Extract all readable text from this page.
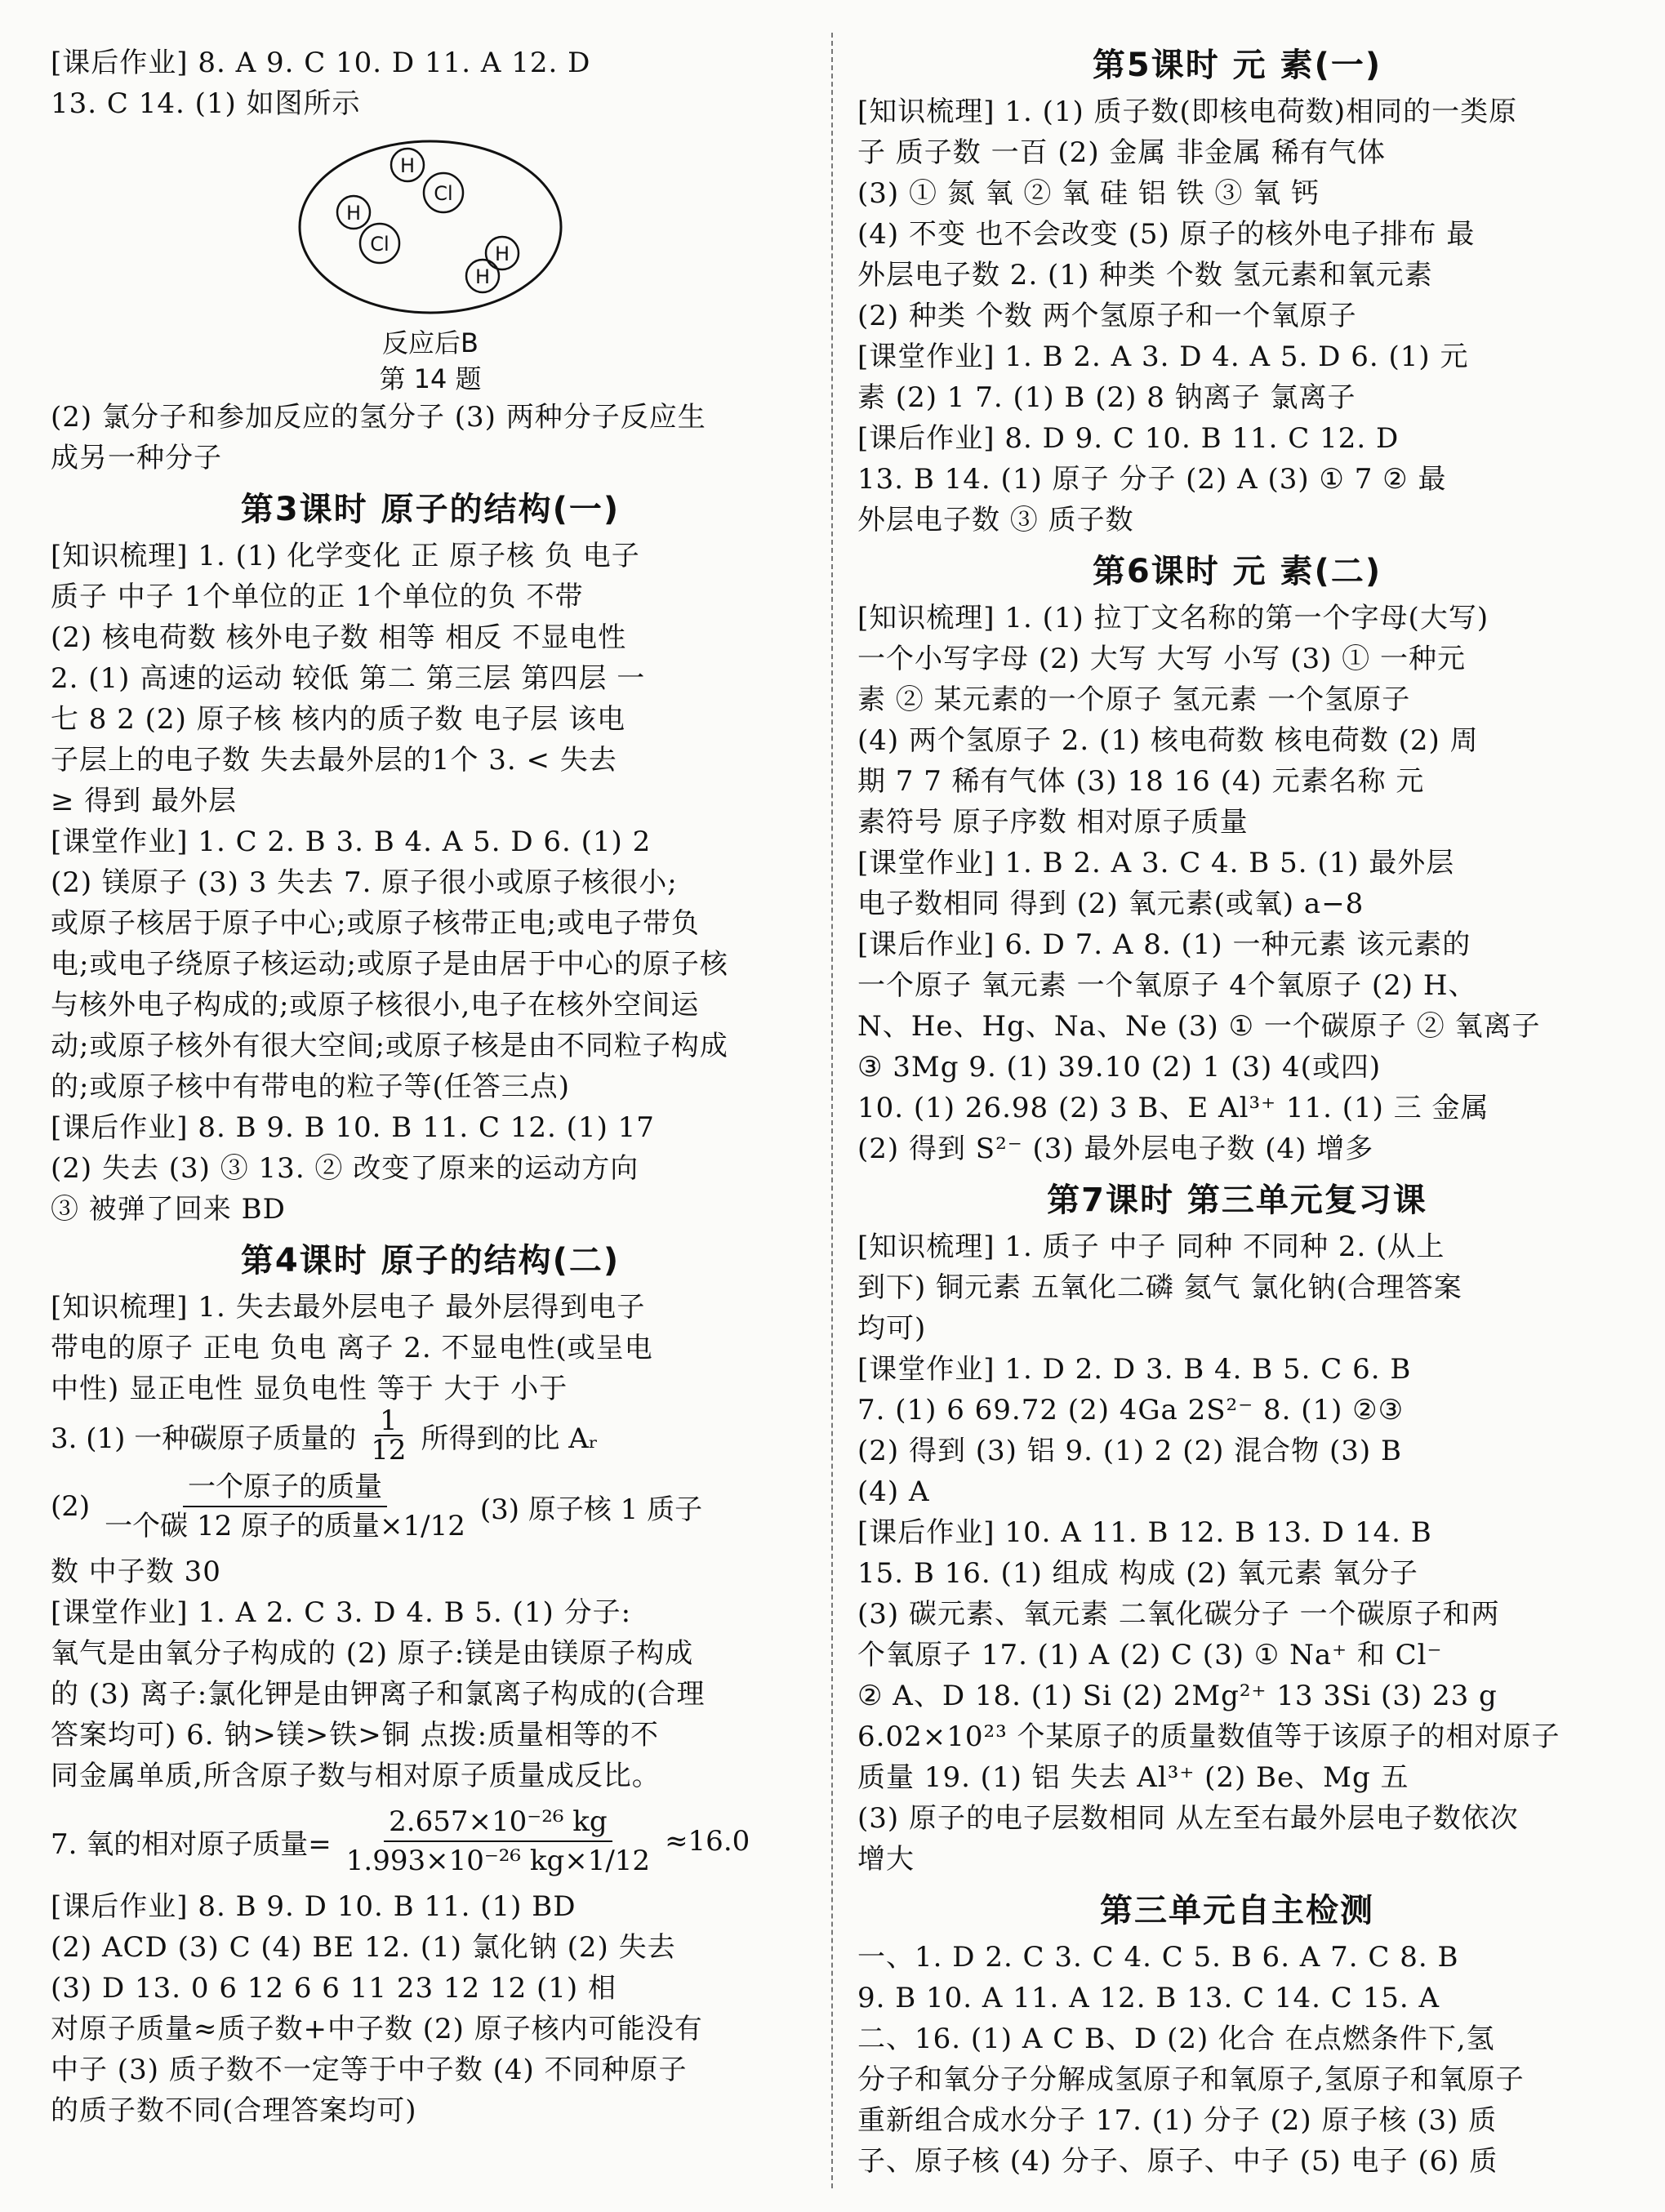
[课后作业] 8. A 9. C 10. D 11. A 12. D

13. C 14. (1) 如图所示

H
Cl
H
Cl	H
H

反应后B

第 14 题

(2) 氯分子和参加反应的氢分子 (3) 两种分子反应生

成另一种分子

第3课时 原子的结构(一)

[知识梳理] 1. (1) 化学变化 正 原子核 负 电子

质子 中子 1个单位的正 1个单位的负 不带

(2) 核电荷数 核外电子数 相等 相反 不显电性

2. (1) 高速的运动 较低 第二 第三层 第四层 一

七 8 2 (2) 原子核 核内的质子数 电子层 该电

子层上的电子数 失去最外层的1个 3. < 失去

≥ 得到 最外层

[课堂作业] 1. C 2. B 3. B 4. A 5. D 6. (1) 2

(2) 镁原子 (3) 3 失去 7. 原子很小或原子核很小;

或原子核居于原子中心;或原子核带正电;或电子带负

电;或电子绕原子核运动;或原子是由居于中心的原子核

与核外电子构成的;或原子核很小,电子在核外空间运

动;或原子核外有很大空间;或原子核是由不同粒子构成

的;或原子核中有带电的粒子等(任答三点)

[课后作业] 8. B 9. B 10. B 11. C 12. (1) 17

(2) 失去 (3) ③ 13. ② 改变了原来的运动方向

③ 被弹了回来 BD

第4课时 原子的结构(二)

[知识梳理] 1. 失去最外层电子 最外层得到电子

带电的原子 正电 负电 离子 2. 不显电性(或呈电

中性) 显正电性 显负电性 等于 大于 小于

3. (1) 一种碳原子质量的 $\frac{1}{12}$ 所得到的比 Aᵣ
$(2) \frac{\text{一个原子的质量}}{\text{一个碳 12 原子的质量×1/12}} (3)$ 原子核 1 质子

数 中子数 30

[课堂作业] 1. A 2. C 3. D 4. B 5. (1) 分子:

氧气是由氧分子构成的 (2) 原子:镁是由镁原子构成

的 (3) 离子:氯化钾是由钾离子和氯离子构成的(合理

答案均可) 6. 钠>镁>铁>铜 点拨:质量相等的不

同金属单质,所含原子数与相对原子质量成反比。

7. 氧的相对原子质量= $\frac{\text{2.657×10⁻²⁶ kg}}{\text{1.993×10⁻²⁶ kg×1/12}} \approx 16.0$

[课后作业] 8. B 9. D 10. B 11. (1) BD

(2) ACD (3) C (4) BE 12. (1) 氯化钠 (2) 失去

(3) D 13. 0 6 12 6 6 11 23 12 12 (1) 相

对原子质量≈质子数+中子数 (2) 原子核内可能没有

中子 (3) 质子数不一定等于中子数 (4) 不同种原子

的质子数不同(合理答案均可)

第5课时 元 素(一)

[知识梳理] 1. (1) 质子数(即核电荷数)相同的一类原

子 质子数 一百 (2) 金属 非金属 稀有气体

(3) ① 氮 氧 ② 氧 硅 铝 铁 ③ 氧 钙

(4) 不变 也不会改变 (5) 原子的核外电子排布 最

外层电子数 2. (1) 种类 个数 氢元素和氧元素

(2) 种类 个数 两个氢原子和一个氧原子

[课堂作业] 1. B 2. A 3. D 4. A 5. D 6. (1) 元

素 (2) 1 7. (1) B (2) 8 钠离子 氯离子

[课后作业] 8. D 9. C 10. B 11. C 12. D

13. B 14. (1) 原子 分子 (2) A (3) ① 7 ② 最

外层电子数 ③ 质子数

第6课时 元 素(二)

[知识梳理] 1. (1) 拉丁文名称的第一个字母(大写)

一个小写字母 (2) 大写 大写 小写 (3) ① 一种元

素 ② 某元素的一个原子 氢元素 一个氢原子

(4) 两个氢原子 2. (1) 核电荷数 核电荷数 (2) 周

期 7 7 稀有气体 (3) 18 16 (4) 元素名称 元

素符号 原子序数 相对原子质量

[课堂作业] 1. B 2. A 3. C 4. B 5. (1) 最外层

电子数相同 得到 (2) 氧元素(或氧) a−8

[课后作业] 6. D 7. A 8. (1) 一种元素 该元素的

一个原子 氧元素 一个氧原子 4个氧原子 (2) H、

N、He、Hg、Na、Ne (3) ① 一个碳原子 ② 氧离子

③ 3Mg 9. (1) 39.10 (2) 1 (3) 4(或四)

10. (1) 26.98 (2) 3 B、E Al³⁺ 11. (1) 三 金属

(2) 得到 S²⁻ (3) 最外层电子数 (4) 增多

第7课时 第三单元复习课

[知识梳理] 1. 质子 中子 同种 不同种 2. (从上

到下) 铜元素 五氧化二磷 氦气 氯化钠(合理答案

均可)

[课堂作业] 1. D 2. D 3. B 4. B 5. C 6. B

7. (1) 6 69.72 (2) 4Ga 2S²⁻ 8. (1) ②③

(2) 得到 (3) 铝 9. (1) 2 (2) 混合物 (3) B

(4) A

[课后作业] 10. A 11. B 12. B 13. D 14. B

15. B 16. (1) 组成 构成 (2) 氧元素 氧分子

(3) 碳元素、氧元素 二氧化碳分子 一个碳原子和两

个氧原子 17. (1) A (2) C (3) ① Na⁺ 和 Cl⁻

② A、D 18. (1) Si (2) 2Mg²⁺ 13 3Si (3) 23 g

6.02×10²³ 个某原子的质量数值等于该原子的相对原子

质量 19. (1) 铝 失去 Al³⁺ (2) Be、Mg 五

(3) 原子的电子层数相同 从左至右最外层电子数依次

增大

第三单元自主检测

一、1. D 2. C 3. C 4. C 5. B 6. A 7. C 8. B

9. B 10. A 11. A 12. B 13. C 14. C 15. A

二、16. (1) A C B、D (2) 化合 在点燃条件下,氢

分子和氧分子分解成氢原子和氧原子,氢原子和氧原子

重新组合成水分子 17. (1) 分子 (2) 原子核 (3) 质

子、原子核 (4) 分子、原子、中子 (5) 电子 (6) 质
